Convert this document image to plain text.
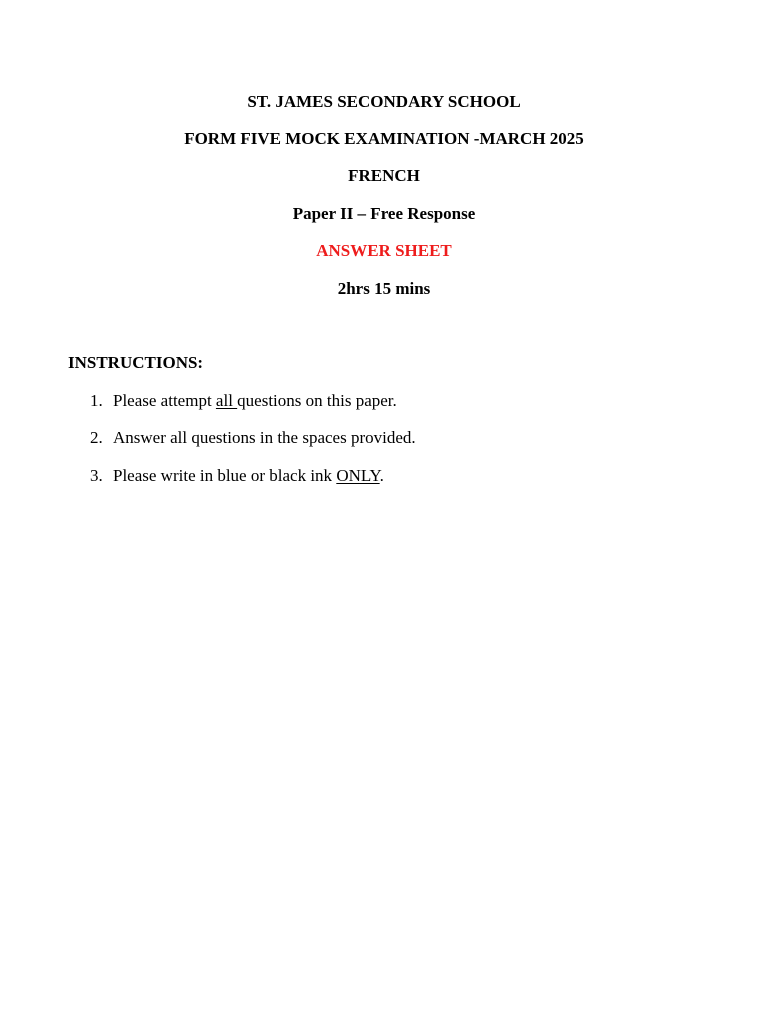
ST. JAMES SECONDARY SCHOOL
FORM FIVE MOCK EXAMINATION -MARCH 2025
FRENCH
Paper II – Free Response
ANSWER SHEET
2hrs 15 mins
INSTRUCTIONS:
1. Please attempt all questions on this paper.
2. Answer all questions in the spaces provided.
3. Please write in blue or black ink ONLY.
